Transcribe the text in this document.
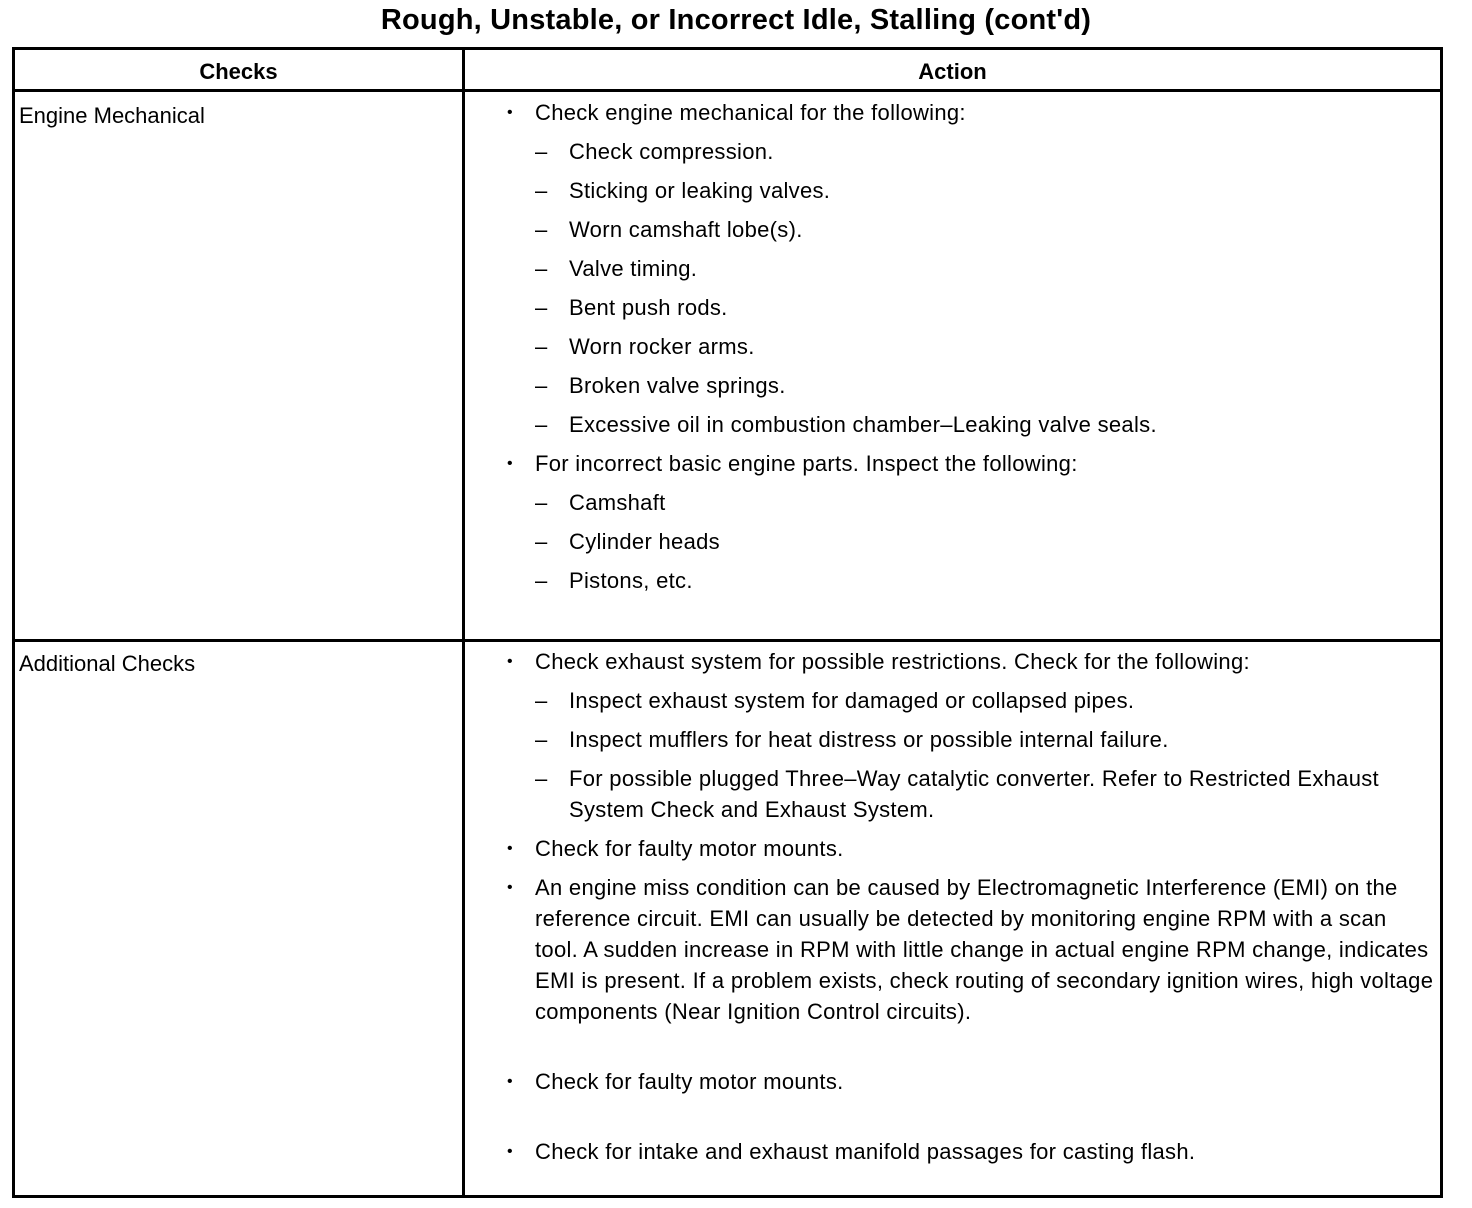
Rough, Unstable, or Incorrect Idle, Stalling (cont'd)
Checks	Action
Engine Mechanical	• Check engine mechanical for the following:
– Check compression.
– Sticking or leaking valves.
– Worn camshaft lobe(s).
– Valve timing.
– Bent push rods.
– Worn rocker arms.
– Broken valve springs.
– Excessive oil in combustion chamber–Leaking valve seals.
• For incorrect basic engine parts. Inspect the following:
– Camshaft
– Cylinder heads
– Pistons, etc.
Additional Checks	• Check exhaust system for possible restrictions. Check for the following:
– Inspect exhaust system for damaged or collapsed pipes.
– Inspect mufflers for heat distress or possible internal failure.
– For possible plugged Three–Way catalytic converter. Refer to Restricted Exhaust System Check and Exhaust System.
• Check for faulty motor mounts.
• An engine miss condition can be caused by Electromagnetic Interference (EMI) on the reference circuit. EMI can usually be detected by monitoring engine RPM with a scan tool. A sudden increase in RPM with little change in actual engine RPM change, indicates EMI is present. If a problem exists, check routing of secondary ignition wires, high voltage components (Near Ignition Control circuits).
• Check for faulty motor mounts.
• Check for intake and exhaust manifold passages for casting flash.
